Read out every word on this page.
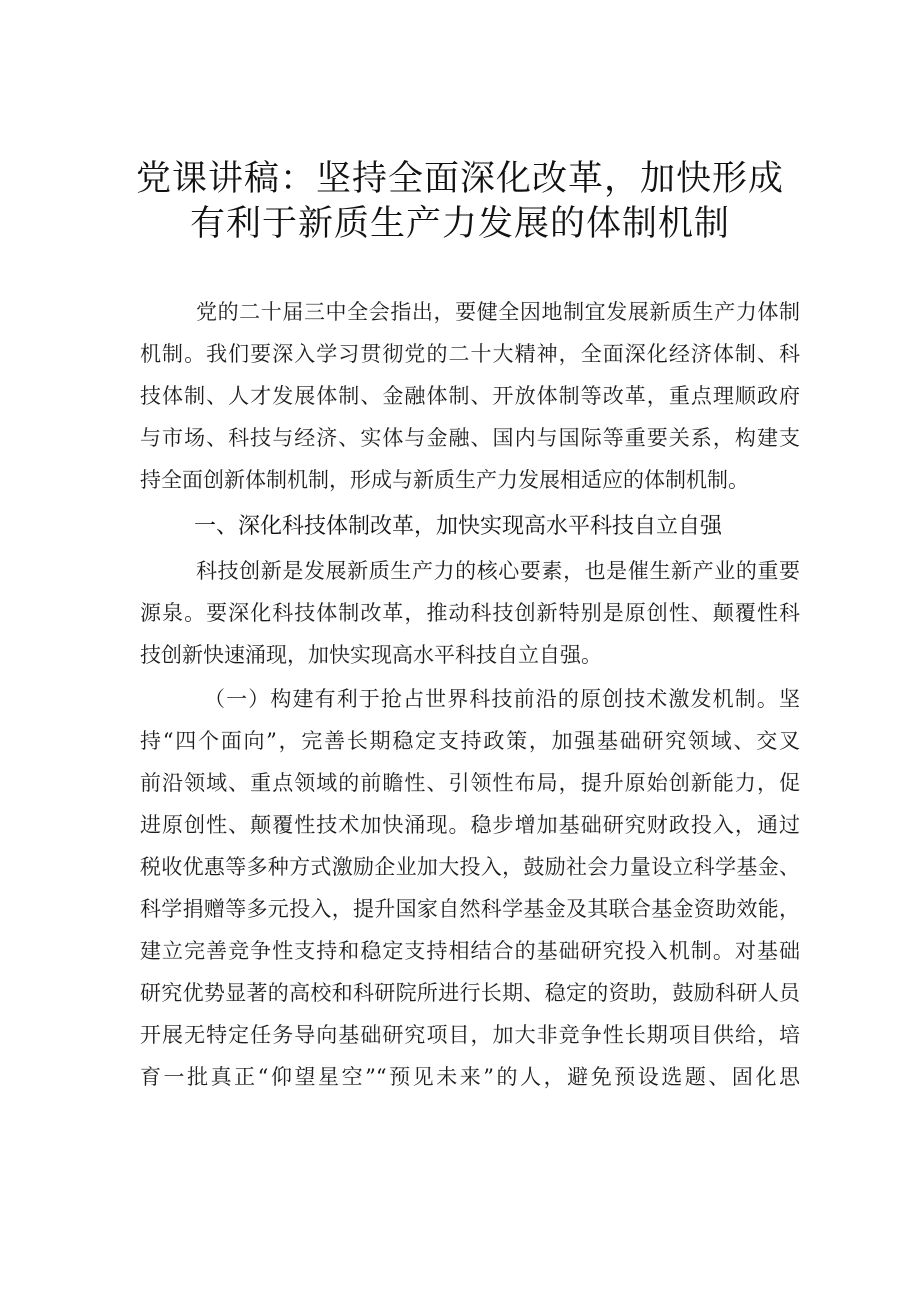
党课讲稿：坚持全面深化改革，加快形成
有利于新质生产力发展的体制机制
党的二十届三中全会指出，要健全因地制宜发展新质生产力体制
机制。我们要深入学习贯彻党的二十大精神，全面深化经济体制、科
技体制、人才发展体制、金融体制、开放体制等改革，重点理顺政府
与市场、科技与经济、实体与金融、国内与国际等重要关系，构建支
持全面创新体制机制，形成与新质生产力发展相适应的体制机制。
一、深化科技体制改革，加快实现高水平科技自立自强
科技创新是发展新质生产力的核心要素，也是催生新产业的重要
源泉。要深化科技体制改革，推动科技创新特别是原创性、颠覆性科
技创新快速涌现，加快实现高水平科技自立自强。
（一）构建有利于抢占世界科技前沿的原创技术激发机制。坚
持“四个面向”，完善长期稳定支持政策，加强基础研究领域、交叉
前沿领域、重点领域的前瞻性、引领性布局，提升原始创新能力，促
进原创性、颠覆性技术加快涌现。稳步增加基础研究财政投入，通过
税收优惠等多种方式激励企业加大投入，鼓励社会力量设立科学基金、
科学捐赠等多元投入，提升国家自然科学基金及其联合基金资助效能，
建立完善竞争性支持和稳定支持相结合的基础研究投入机制。对基础
研究优势显著的高校和科研院所进行长期、稳定的资助，鼓励科研人员
开展无特定任务导向基础研究项目，加大非竞争性长期项目供给，培
育一批真正“仰望星空”“预见未来”的人，避免预设选题、固化思
